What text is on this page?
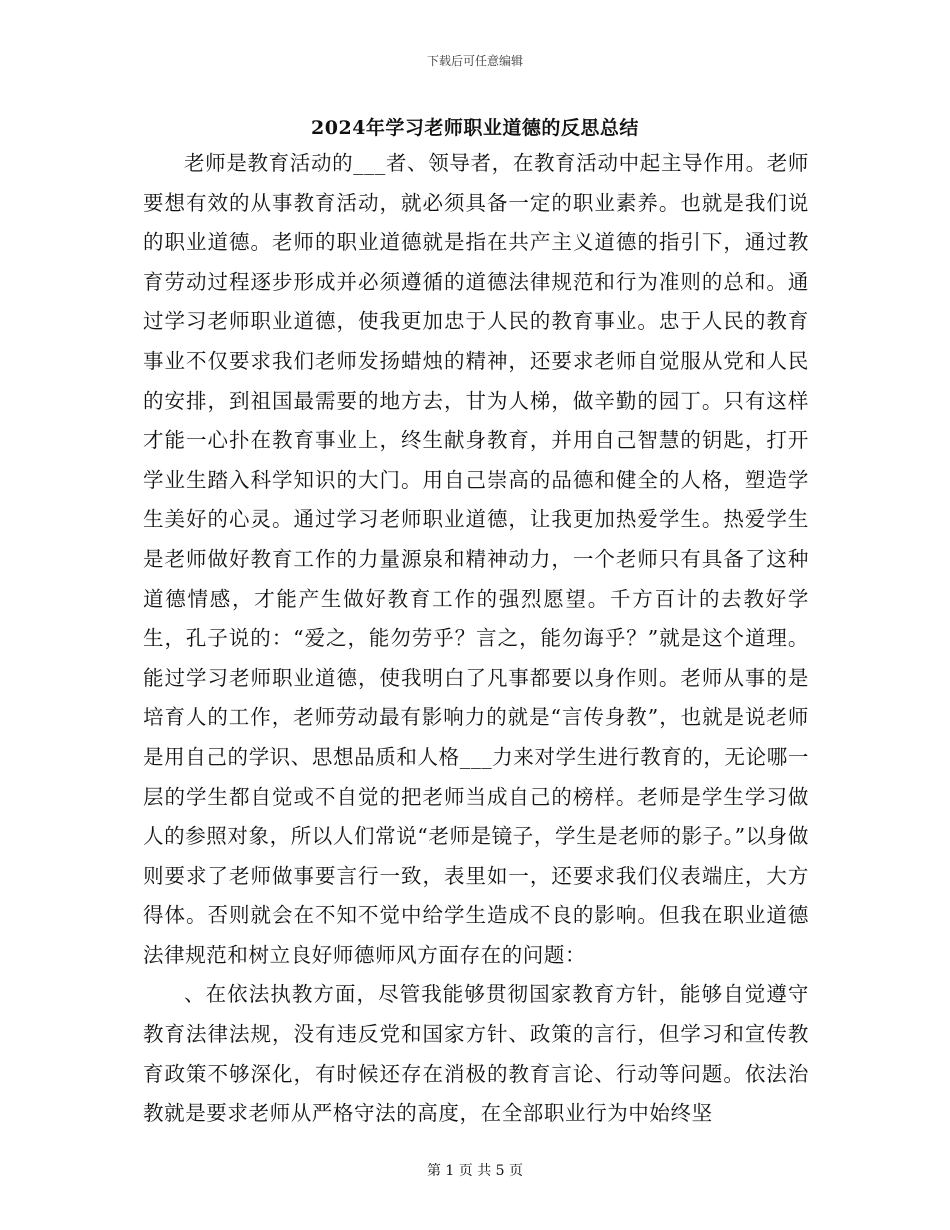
下载后可任意编辑
2024年学习老师职业道德的反思总结

老师是教育活动的___者、领导者，在教育活动中起主导作用。老师要想有效的从事教育活动，就必须具备一定的职业素养。也就是我们说的职业道德。老师的职业道德就是指在共产主义道德的指引下，通过教育劳动过程逐步形成并必须遵循的道德法律规范和行为准则的总和。通过学习老师职业道德，使我更加忠于人民的教育事业。忠于人民的教育事业不仅要求我们老师发扬蜡烛的精神，还要求老师自觉服从党和人民的安排，到祖国最需要的地方去，甘为人梯，做辛勤的园丁。只有这样才能一心扑在教育事业上，终生献身教育，并用自己智慧的钥匙，打开学业生踏入科学知识的大门。用自己崇高的品德和健全的人格，塑造学生美好的心灵。通过学习老师职业道德，让我更加热爱学生。热爱学生是老师做好教育工作的力量源泉和精神动力，一个老师只有具备了这种道德情感，才能产生做好教育工作的强烈愿望。千方百计的去教好学生，孔子说的：“爱之，能勿劳乎？言之，能勿诲乎？”就是这个道理。能过学习老师职业道德，使我明白了凡事都要以身作则。老师从事的是培育人的工作，老师劳动最有影响力的就是“言传身教”，也就是说老师是用自己的学识、思想品质和人格___力来对学生进行教育的，无论哪一层的学生都自觉或不自觉的把老师当成自己的榜样。老师是学生学习做人的参照对象，所以人们常说“老师是镜子，学生是老师的影子。”以身做则要求了老师做事要言行一致，表里如一，还要求我们仪表端庄，大方得体。否则就会在不知不觉中给学生造成不良的影响。但我在职业道德法律规范和树立良好师德师风方面存在的问题：

、在依法执教方面，尽管我能够贯彻国家教育方针，能够自觉遵守教育法律法规，没有违反党和国家方针、政策的言行，但学习和宣传教育政策不够深化，有时候还存在消极的教育言论、行动等问题。依法治教就是要求老师从严格守法的高度，在全部职业行为中始终坚

第 1 页 共 5 页
